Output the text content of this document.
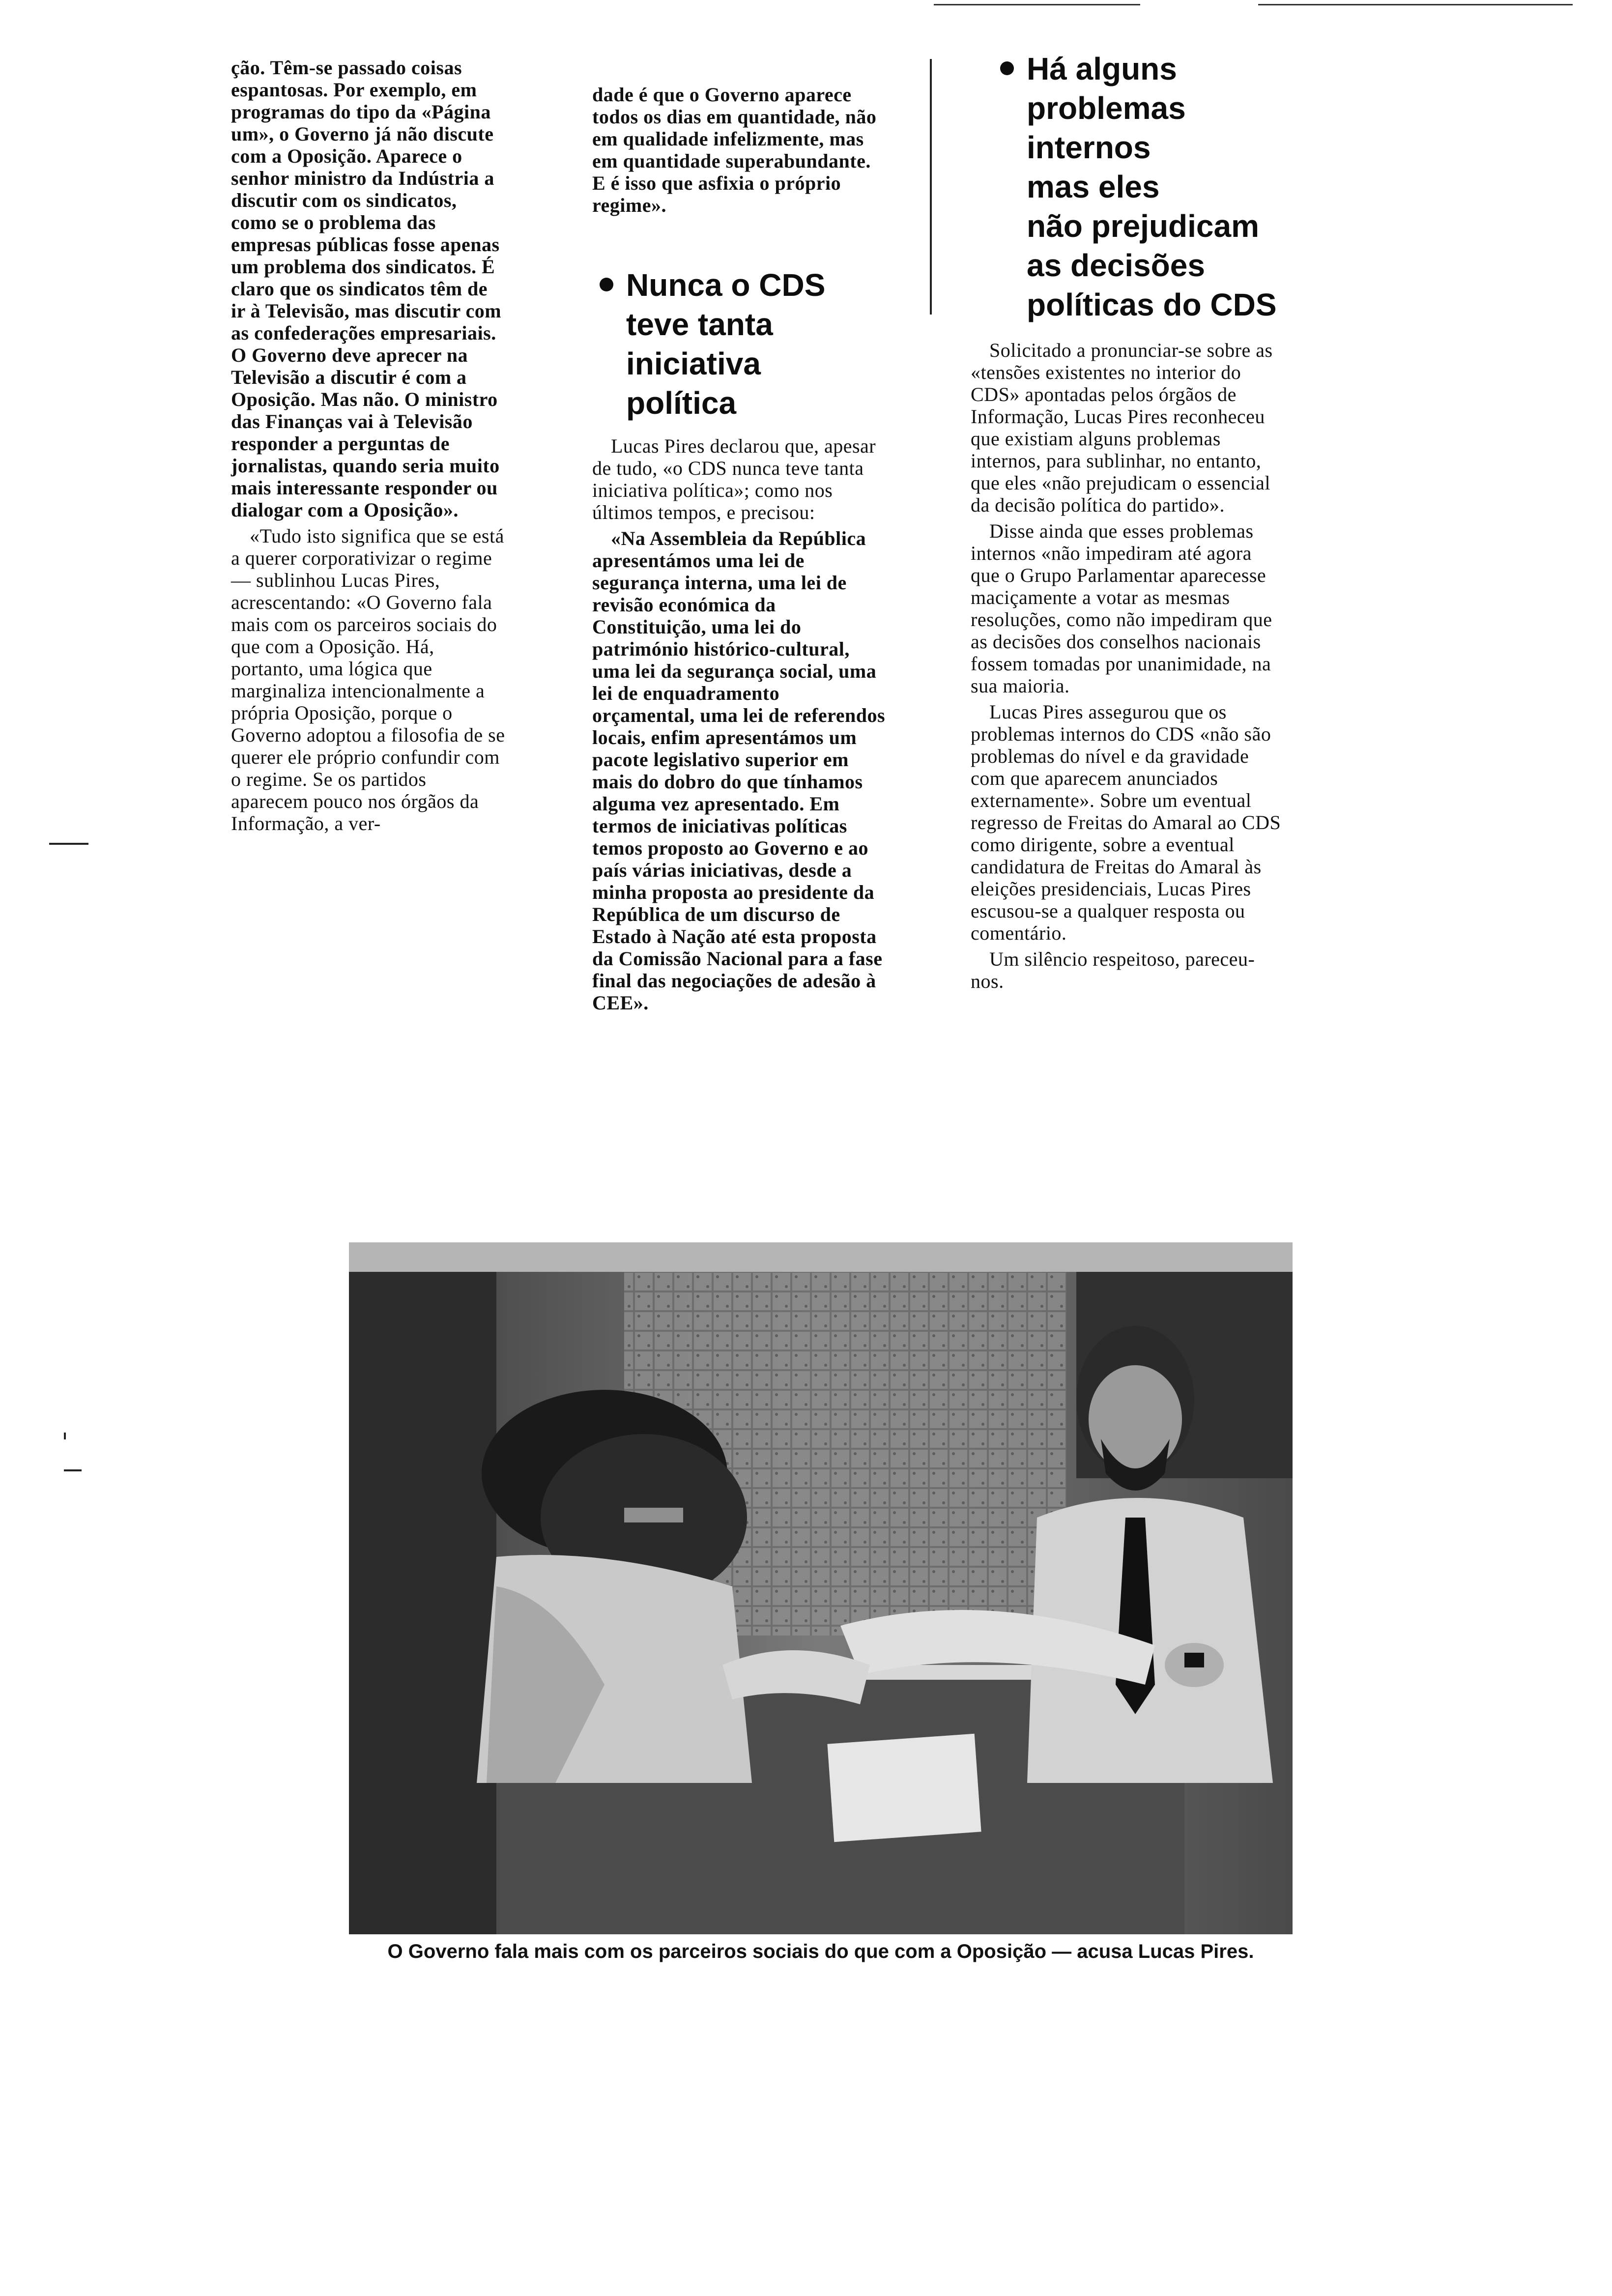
ção. Têm-se passado coisas espantosas. Por exemplo, em programas do tipo da «Página um», o Governo já não discute com a Oposição. Aparece o senhor ministro da Indústria a discutir com os sindicatos, como se o problema das empresas públicas fosse apenas um problema dos sindicatos. É claro que os sindicatos têm de ir à Televisão, mas discutir com as confederações empresariais. O Governo deve aprecer na Televisão a discutir é com a Oposição. Mas não. O ministro das Finanças vai à Televisão responder a perguntas de jornalistas, quando seria muito mais interessante responder ou dialogar com a Oposição».

«Tudo isto significa que se está a querer corporativizar o regime — sublinhou Lucas Pires, acrescentando: «O Governo fala mais com os parceiros sociais do que com a Oposição. Há, portanto, uma lógica que marginaliza intencionalmente a própria Oposição, porque o Governo adoptou a filosofia de se querer ele próprio confundir com o regime. Se os partidos aparecem pouco nos órgãos da Informação, a ver-

dade é que o Governo aparece todos os dias em quantidade, não em qualidade infelizmente, mas em quantidade superabundante. E é isso que asfixia o próprio regime».

Nunca o CDS
teve tanta
iniciativa
política

Lucas Pires declarou que, apesar de tudo, «o CDS nunca teve tanta iniciativa política»; como nos últimos tempos, e precisou:

«Na Assembleia da República apresentámos uma lei de segurança interna, uma lei de revisão económica da Constituição, uma lei do património histórico-cultural, uma lei da segurança social, uma lei de enquadramento orçamental, uma lei de referendos locais, enfim apresentámos um pacote legislativo superior em mais do dobro do que tínhamos alguma vez apresentado. Em termos de iniciativas políticas temos proposto ao Governo e ao país várias iniciativas, desde a minha proposta ao presidente da República de um discurso de Estado à Nação até esta proposta da Comissão Nacional para a fase final das negociações de adesão à CEE».

Há alguns
problemas
internos
mas eles
não prejudicam
as decisões
políticas do CDS

Solicitado a pronunciar-se sobre as «tensões existentes no interior do CDS» apontadas pelos órgãos de Informação, Lucas Pires reconheceu que existiam alguns problemas internos, para sublinhar, no entanto, que eles «não prejudicam o essencial da decisão política do partido».

Disse ainda que esses problemas internos «não impediram até agora que o Grupo Parlamentar aparecesse maciçamente a votar as mesmas resoluções, como não impediram que as decisões dos conselhos nacionais fossem tomadas por unanimidade, na sua maioria.

Lucas Pires assegurou que os problemas internos do CDS «não são problemas do nível e da gravidade com que aparecem anunciados externamente». Sobre um eventual regresso de Freitas do Amaral ao CDS como dirigente, sobre a eventual candidatura de Freitas do Amaral às eleições presidenciais, Lucas Pires escusou-se a qualquer resposta ou comentário.

Um silêncio respeitoso, pareceu-nos.

O Governo fala mais com os parceiros sociais do que com a Oposição — acusa Lucas Pires.
